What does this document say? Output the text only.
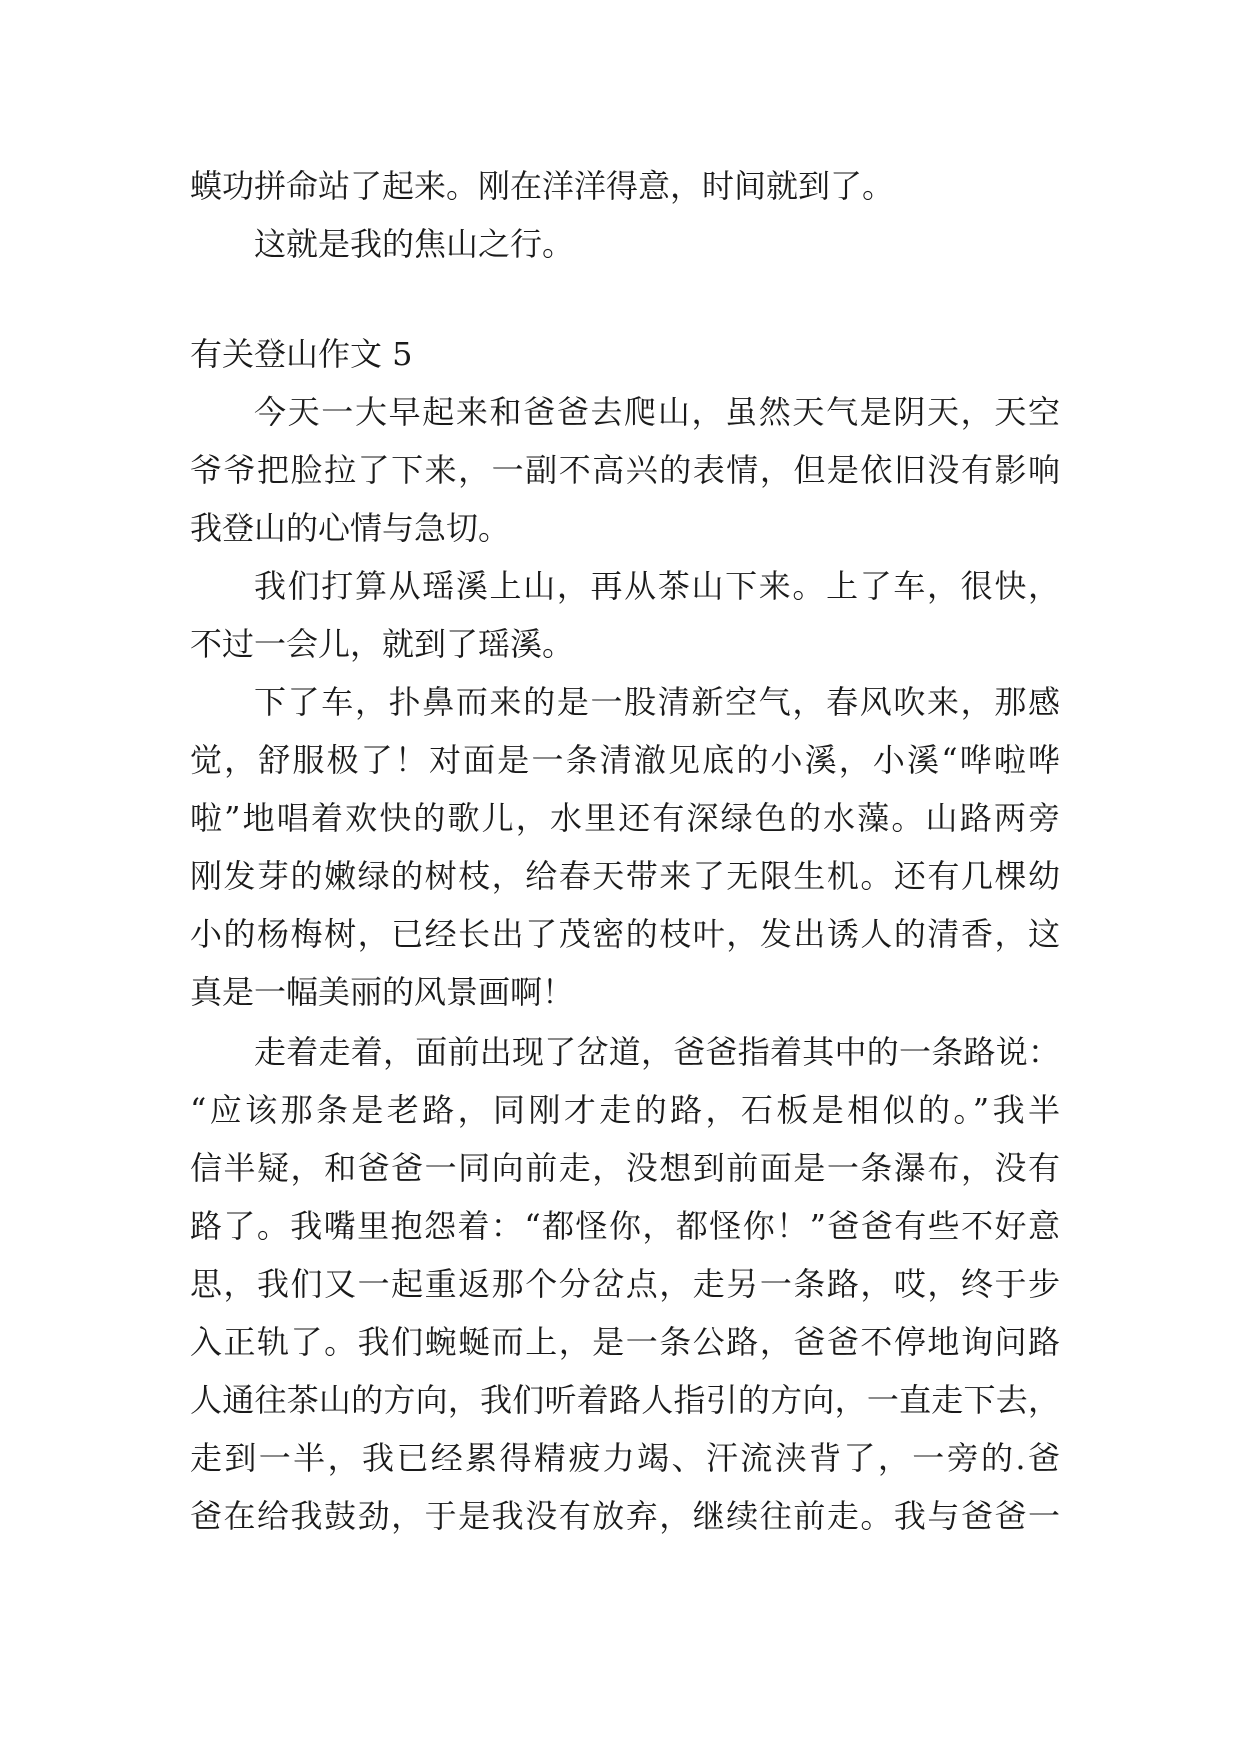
蟆功拼命站了起来。刚在洋洋得意，时间就到了。
这就是我的焦山之行。
有关登山作文 5
今天一大早起来和爸爸去爬山，虽然天气是阴天，天空
爷爷把脸拉了下来，一副不高兴的表情，但是依旧没有影响
我登山的心情与急切。
我们打算从瑶溪上山，再从茶山下来。上了车，很快，
不过一会儿，就到了瑶溪。
下了车，扑鼻而来的是一股清新空气，春风吹来，那感
觉，舒服极了！对面是一条清澈见底的小溪，小溪“哗啦哗
啦”地唱着欢快的歌儿，水里还有深绿色的水藻。山路两旁
刚发芽的嫩绿的树枝，给春天带来了无限生机。还有几棵幼
小的杨梅树，已经长出了茂密的枝叶，发出诱人的清香，这
真是一幅美丽的风景画啊！
走着走着，面前出现了岔道，爸爸指着其中的一条路说：
“应该那条是老路，同刚才走的路，石板是相似的。”我半
信半疑，和爸爸一同向前走，没想到前面是一条瀑布，没有
路了。我嘴里抱怨着：“都怪你，都怪你！”爸爸有些不好意
思，我们又一起重返那个分岔点，走另一条路，哎，终于步
入正轨了。我们蜿蜒而上，是一条公路，爸爸不停地询问路
人通往茶山的方向，我们听着路人指引的方向，一直走下去，
走到一半，我已经累得精疲力竭、汗流浃背了，一旁的.爸
爸在给我鼓劲，于是我没有放弃，继续往前走。我与爸爸一
